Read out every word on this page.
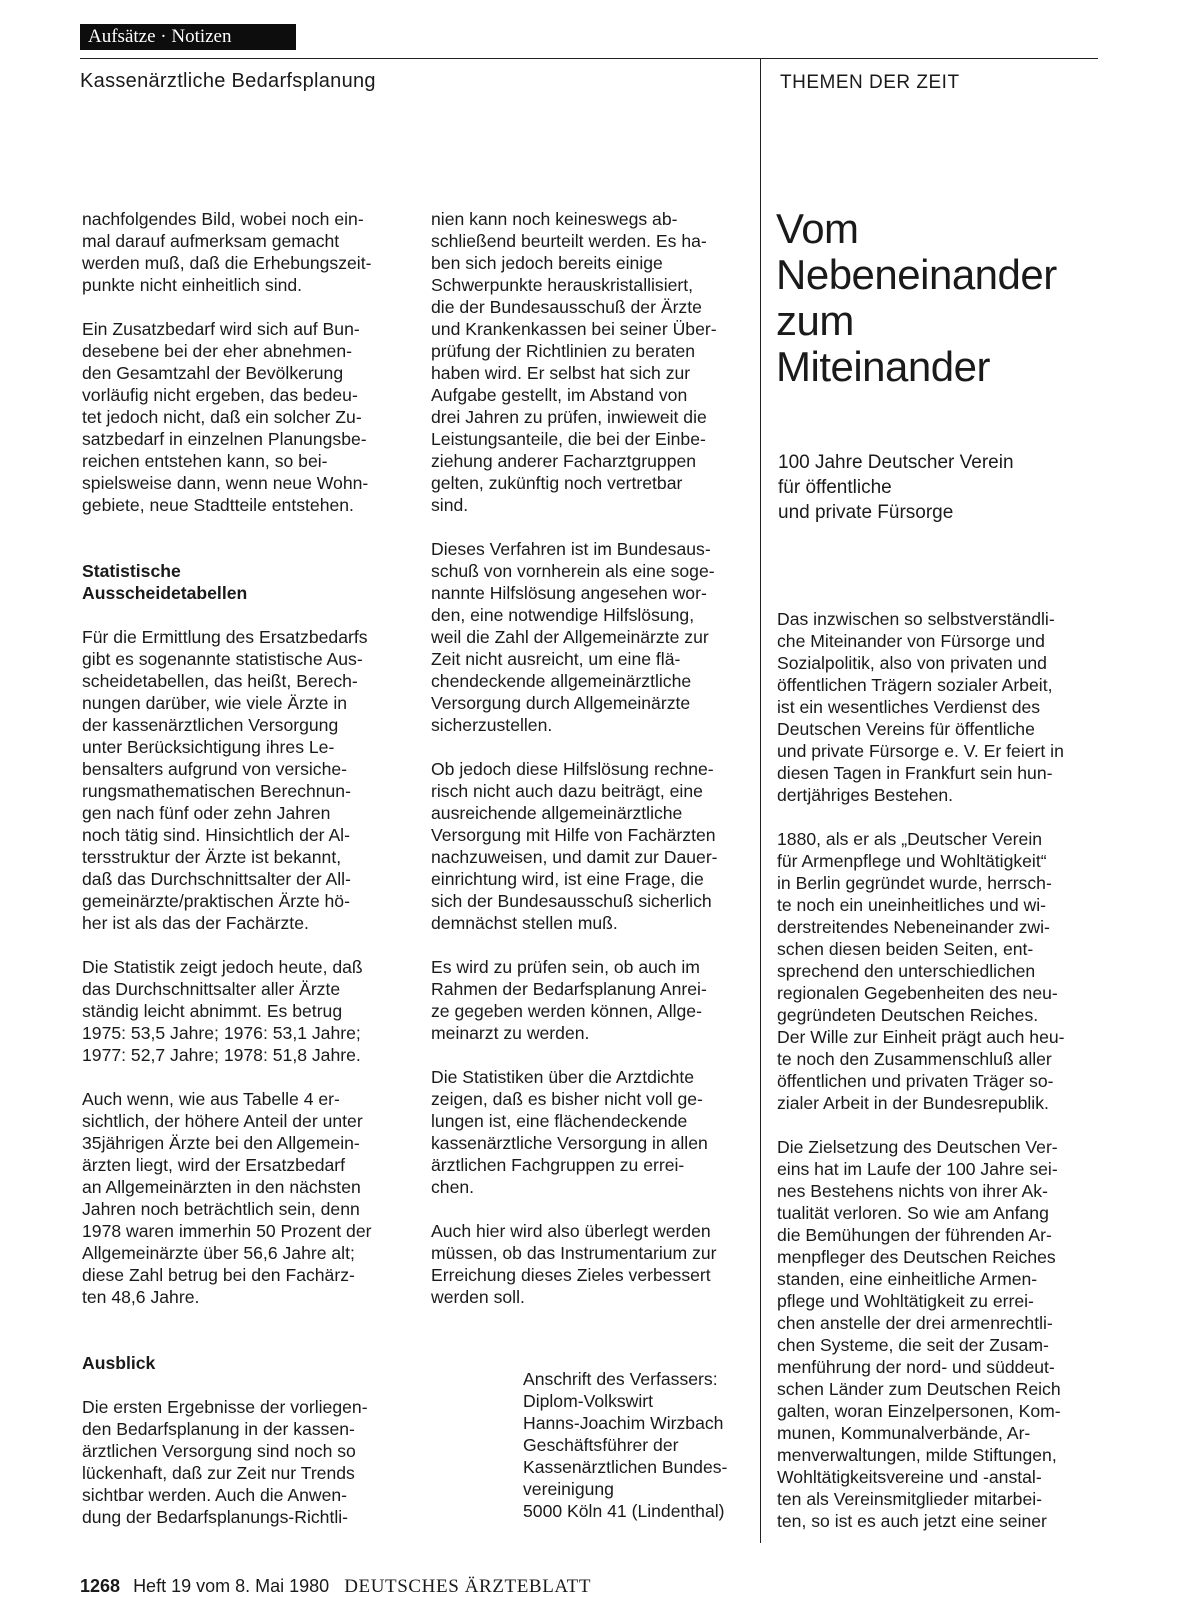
Aufsätze · Notizen
Kassenärztliche Bedarfsplanung	THEMEN DER ZEIT

nachfolgendes Bild, wobei noch ein-
mal darauf aufmerksam gemacht
werden muß, daß die Erhebungszeit-
punkte nicht einheitlich sind.

Ein Zusatzbedarf wird sich auf Bun-
desebene bei der eher abnehmen-
den Gesamtzahl der Bevölkerung
vorläufig nicht ergeben, das bedeu-
tet jedoch nicht, daß ein solcher Zu-
satzbedarf in einzelnen Planungsbe-
reichen entstehen kann, so bei-
spielsweise dann, wenn neue Wohn-
gebiete, neue Stadtteile entstehen.

Statistische
Ausscheidetabellen

Für die Ermittlung des Ersatzbedarfs
gibt es sogenannte statistische Aus-
scheidetabellen, das heißt, Berech-
nungen darüber, wie viele Ärzte in
der kassenärztlichen Versorgung
unter Berücksichtigung ihres Le-
bensalters aufgrund von versiche-
rungsmathematischen Berechnun-
gen nach fünf oder zehn Jahren
noch tätig sind. Hinsichtlich der Al-
tersstruktur der Ärzte ist bekannt,
daß das Durchschnittsalter der All-
gemeinärzte/praktischen Ärzte hö-
her ist als das der Fachärzte.

Die Statistik zeigt jedoch heute, daß
das Durchschnittsalter aller Ärzte
ständig leicht abnimmt. Es betrug
1975: 53,5 Jahre; 1976: 53,1 Jahre;
1977: 52,7 Jahre; 1978: 51,8 Jahre.

Auch wenn, wie aus Tabelle 4 er-
sichtlich, der höhere Anteil der unter
35jährigen Ärzte bei den Allgemein-
ärzten liegt, wird der Ersatzbedarf
an Allgemeinärzten in den nächsten
Jahren noch beträchtlich sein, denn
1978 waren immerhin 50 Prozent der
Allgemeinärzte über 56,6 Jahre alt;
diese Zahl betrug bei den Fachärz-
ten 48,6 Jahre.

Ausblick

Die ersten Ergebnisse der vorliegen-
den Bedarfsplanung in der kassen-
ärztlichen Versorgung sind noch so
lückenhaft, daß zur Zeit nur Trends
sichtbar werden. Auch die Anwen-
dung der Bedarfsplanungs-Richtli-

nien kann noch keineswegs ab-
schließend beurteilt werden. Es ha-
ben sich jedoch bereits einige
Schwerpunkte herauskristallisiert,
die der Bundesausschuß der Ärzte
und Krankenkassen bei seiner Über-
prüfung der Richtlinien zu beraten
haben wird. Er selbst hat sich zur
Aufgabe gestellt, im Abstand von
drei Jahren zu prüfen, inwieweit die
Leistungsanteile, die bei der Einbe-
ziehung anderer Facharztgruppen
gelten, zukünftig noch vertretbar
sind.

Dieses Verfahren ist im Bundesaus-
schuß von vornherein als eine soge-
nannte Hilfslösung angesehen wor-
den, eine notwendige Hilfslösung,
weil die Zahl der Allgemeinärzte zur
Zeit nicht ausreicht, um eine flä-
chendeckende allgemeinärztliche
Versorgung durch Allgemeinärzte
sicherzustellen.

Ob jedoch diese Hilfslösung rechne-
risch nicht auch dazu beiträgt, eine
ausreichende allgemeinärztliche
Versorgung mit Hilfe von Fachärzten
nachzuweisen, und damit zur Dauer-
einrichtung wird, ist eine Frage, die
sich der Bundesausschuß sicherlich
demnächst stellen muß.

Es wird zu prüfen sein, ob auch im
Rahmen der Bedarfsplanung Anrei-
ze gegeben werden können, Allge-
meinarzt zu werden.

Die Statistiken über die Arztdichte
zeigen, daß es bisher nicht voll ge-
lungen ist, eine flächendeckende
kassenärztliche Versorgung in allen
ärztlichen Fachgruppen zu errei-
chen.

Auch hier wird also überlegt werden
müssen, ob das Instrumentarium zur
Erreichung dieses Zieles verbessert
werden soll.

Anschrift des Verfassers:
Diplom-Volkswirt
Hanns-Joachim Wirzbach
Geschäftsführer der
Kassenärztlichen Bundes-
vereinigung
5000 Köln 41 (Lindenthal)
Vom
Nebeneinander
zum
Miteinander
100 Jahre Deutscher Verein
für öffentliche
und private Fürsorge

Das inzwischen so selbstverständli-
che Miteinander von Fürsorge und
Sozialpolitik, also von privaten und
öffentlichen Trägern sozialer Arbeit,
ist ein wesentliches Verdienst des
Deutschen Vereins für öffentliche
und private Fürsorge e. V. Er feiert in
diesen Tagen in Frankfurt sein hun-
dertjähriges Bestehen.

1880, als er als „Deutscher Verein
für Armenpflege und Wohltätigkeit“
in Berlin gegründet wurde, herrsch-
te noch ein uneinheitliches und wi-
derstreitendes Nebeneinander zwi-
schen diesen beiden Seiten, ent-
sprechend den unterschiedlichen
regionalen Gegebenheiten des neu-
gegründeten Deutschen Reiches.
Der Wille zur Einheit prägt auch heu-
te noch den Zusammenschluß aller
öffentlichen und privaten Träger so-
zialer Arbeit in der Bundesrepublik.

Die Zielsetzung des Deutschen Ver-
eins hat im Laufe der 100 Jahre sei-
nes Bestehens nichts von ihrer Ak-
tualität verloren. So wie am Anfang
die Bemühungen der führenden Ar-
menpfleger des Deutschen Reiches
standen, eine einheitliche Armen-
pflege und Wohltätigkeit zu errei-
chen anstelle der drei armenrechtli-
chen Systeme, die seit der Zusam-
menführung der nord- und süddeut-
schen Länder zum Deutschen Reich
galten, woran Einzelpersonen, Kom-
munen, Kommunalverbände, Ar-
menverwaltungen, milde Stiftungen,
Wohltätigkeitsvereine und -anstal-
ten als Vereinsmitglieder mitarbei-
ten, so ist es auch jetzt eine seiner

1268 Heft 19 vom 8. Mai 1980 DEUTSCHES ÄRZTEBLATT
